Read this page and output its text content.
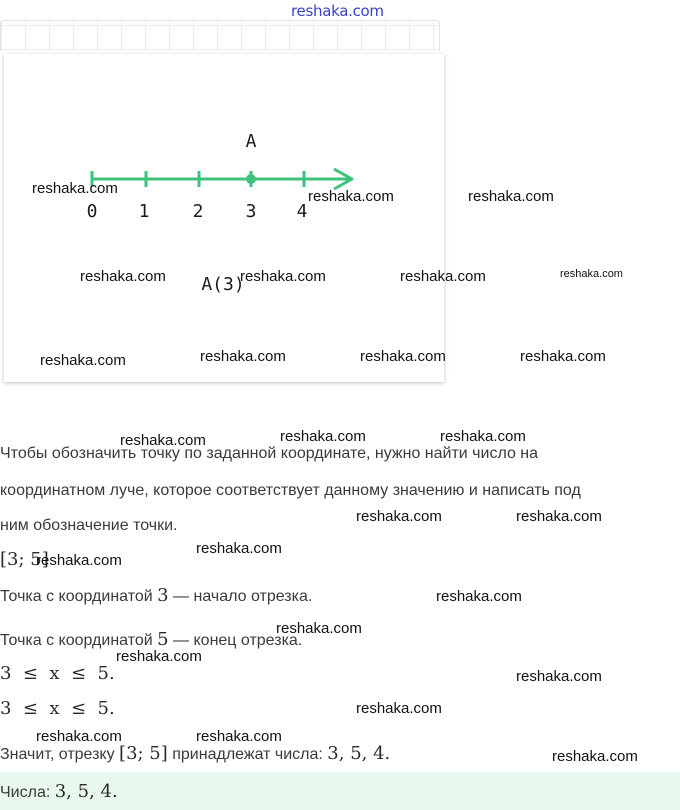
reshaka.com
A
0 1 2 3 4
A(3)
Чтобы обозначить точку по заданной координате, нужно найти число на
координатном луче, которое соответствует данному значению и написать под
ним обозначение точки.
[3; 5]
Точка с координатой 3 — начало отрезка.
Точка с координатой 5 — конец отрезка.
3  ≤  x  ≤  5.
3  ≤  x  ≤  5.
Значит, отрезку [3; 5] принадлежат числа: 3, 5, 4.
Числа: 3, 5, 4.
reshaka.com	reshaka.com	reshaka.com
reshaka.com	reshaka.com	reshaka.com	reshaka.com
reshaka.com	reshaka.com	reshaka.com	reshaka.com
reshaka.com	reshaka.com	reshaka.com
reshaka.com	reshaka.com
reshaka.com
reshaka.com
reshaka.com
reshaka.com
reshaka.com
reshaka.com
reshaka.com
reshaka.com	reshaka.com
reshaka.com
